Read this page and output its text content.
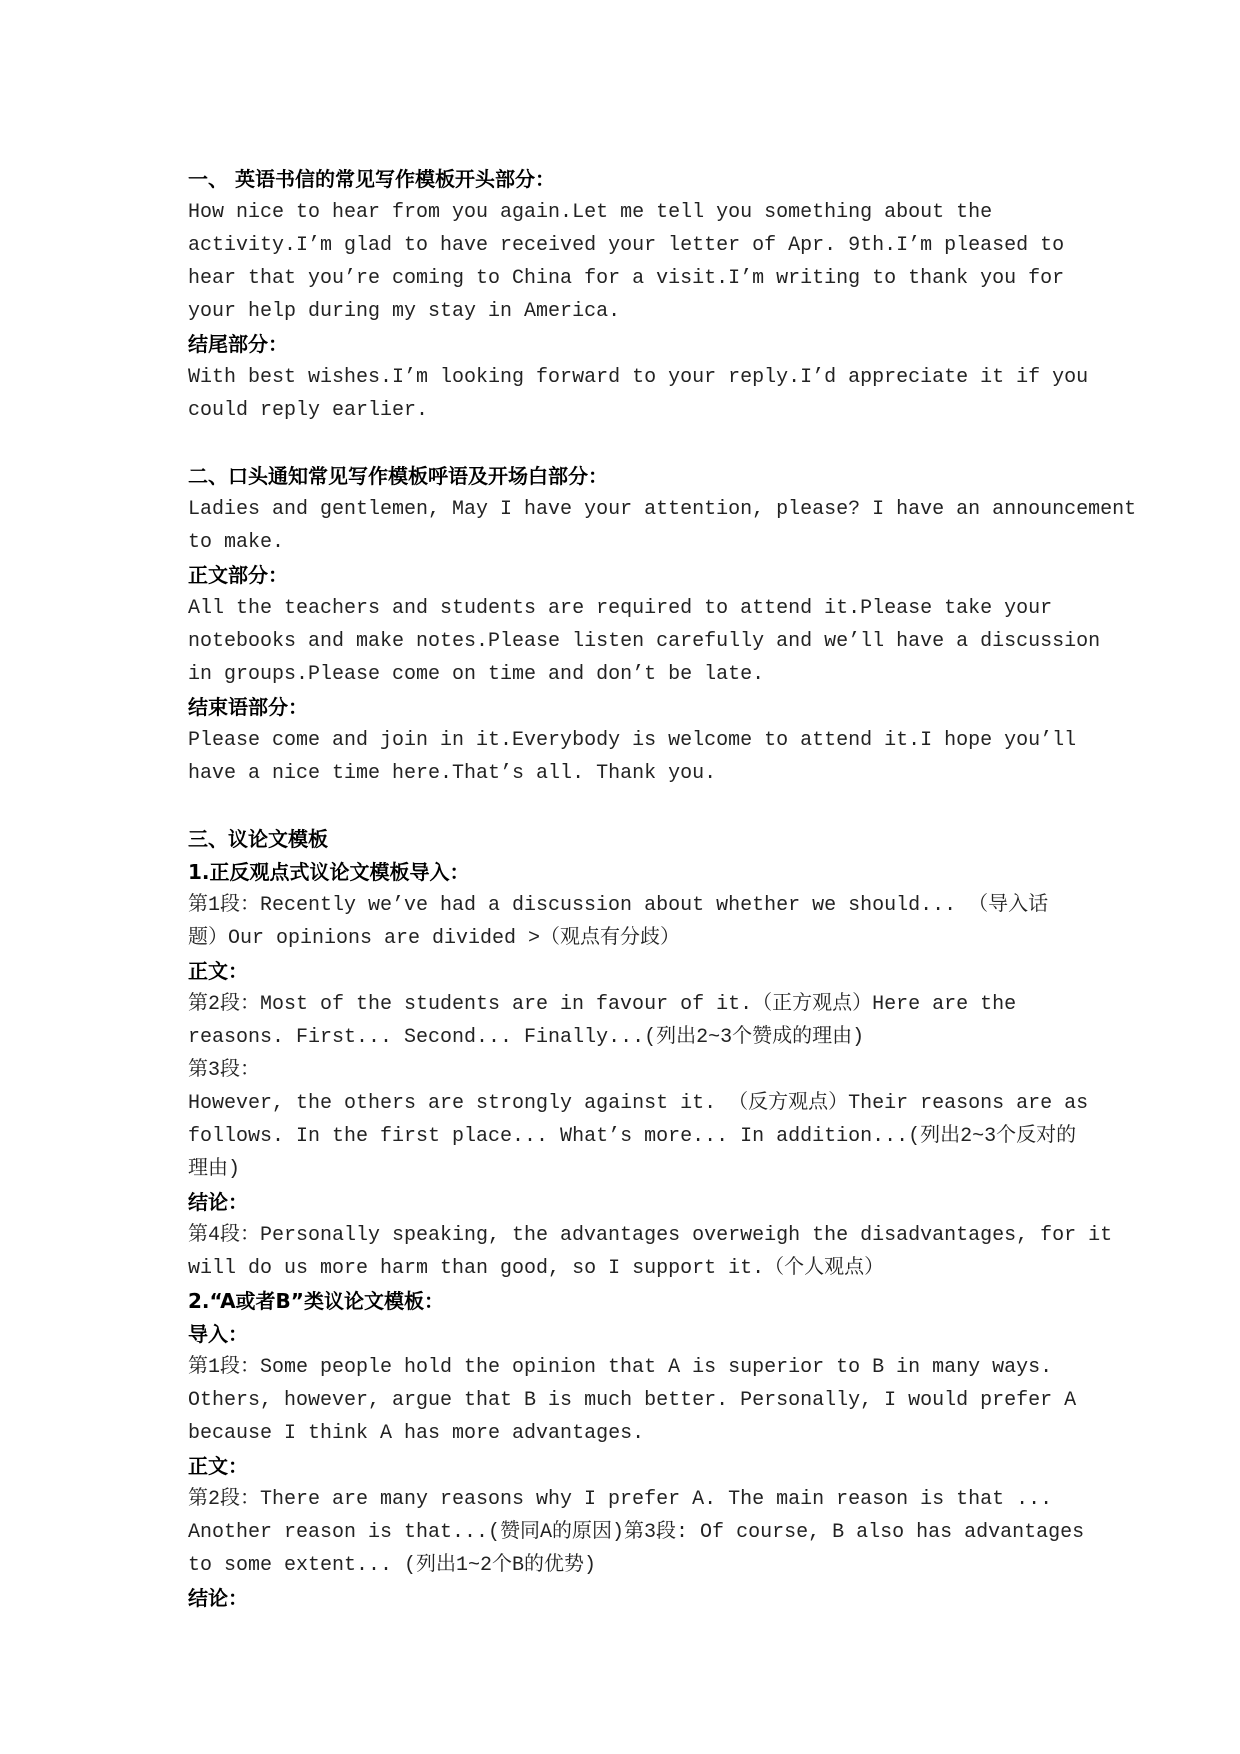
一、 英语书信的常见写作模板开头部分：
How nice to hear from you again.Let me tell you something about the
activity.I’m glad to have received your letter of Apr. 9th.I’m pleased to
hear that you’re coming to China for a visit.I’m writing to thank you for
your help during my stay in America.
结尾部分：
With best wishes.I’m looking forward to your reply.I’d appreciate it if you
could reply earlier.
二、口头通知常见写作模板呼语及开场白部分：
Ladies and gentlemen, May I have your attention, please? I have an announcement
to make.
正文部分：
All the teachers and students are required to attend it.Please take your
notebooks and make notes.Please listen carefully and we’ll have a discussion
in groups.Please come on time and don’t be late.
结束语部分：
Please come and join in it.Everybody is welcome to attend it.I hope you’ll
have a nice time here.That’s all. Thank you.
三、议论文模板
1.正反观点式议论文模板导入：
第1段：Recently we’ve had a discussion about whether we should... （导入话
题）Our opinions are divided >（观点有分歧）
正文：
第2段：Most of the students are in favour of it.（正方观点）Here are the
reasons. First... Second... Finally...(列出2~3个赞成的理由)
第3段：
However, the others are strongly against it. （反方观点）Their reasons are as
follows. In the first place... What’s more... In addition...(列出2~3个反对的
理由)
结论：
第4段：Personally speaking, the advantages overweigh the disadvantages, for it
will do us more harm than good, so I support it.（个人观点）
2.“A或者B”类议论文模板：
导入：
第1段：Some people hold the opinion that A is superior to B in many ways.
Others, however, argue that B is much better. Personally, I would prefer A
because I think A has more advantages.
正文：
第2段：There are many reasons why I prefer A. The main reason is that ...
Another reason is that...(赞同A的原因)第3段: Of course, B also has advantages
to some extent... (列出1~2个B的优势)
结论：
